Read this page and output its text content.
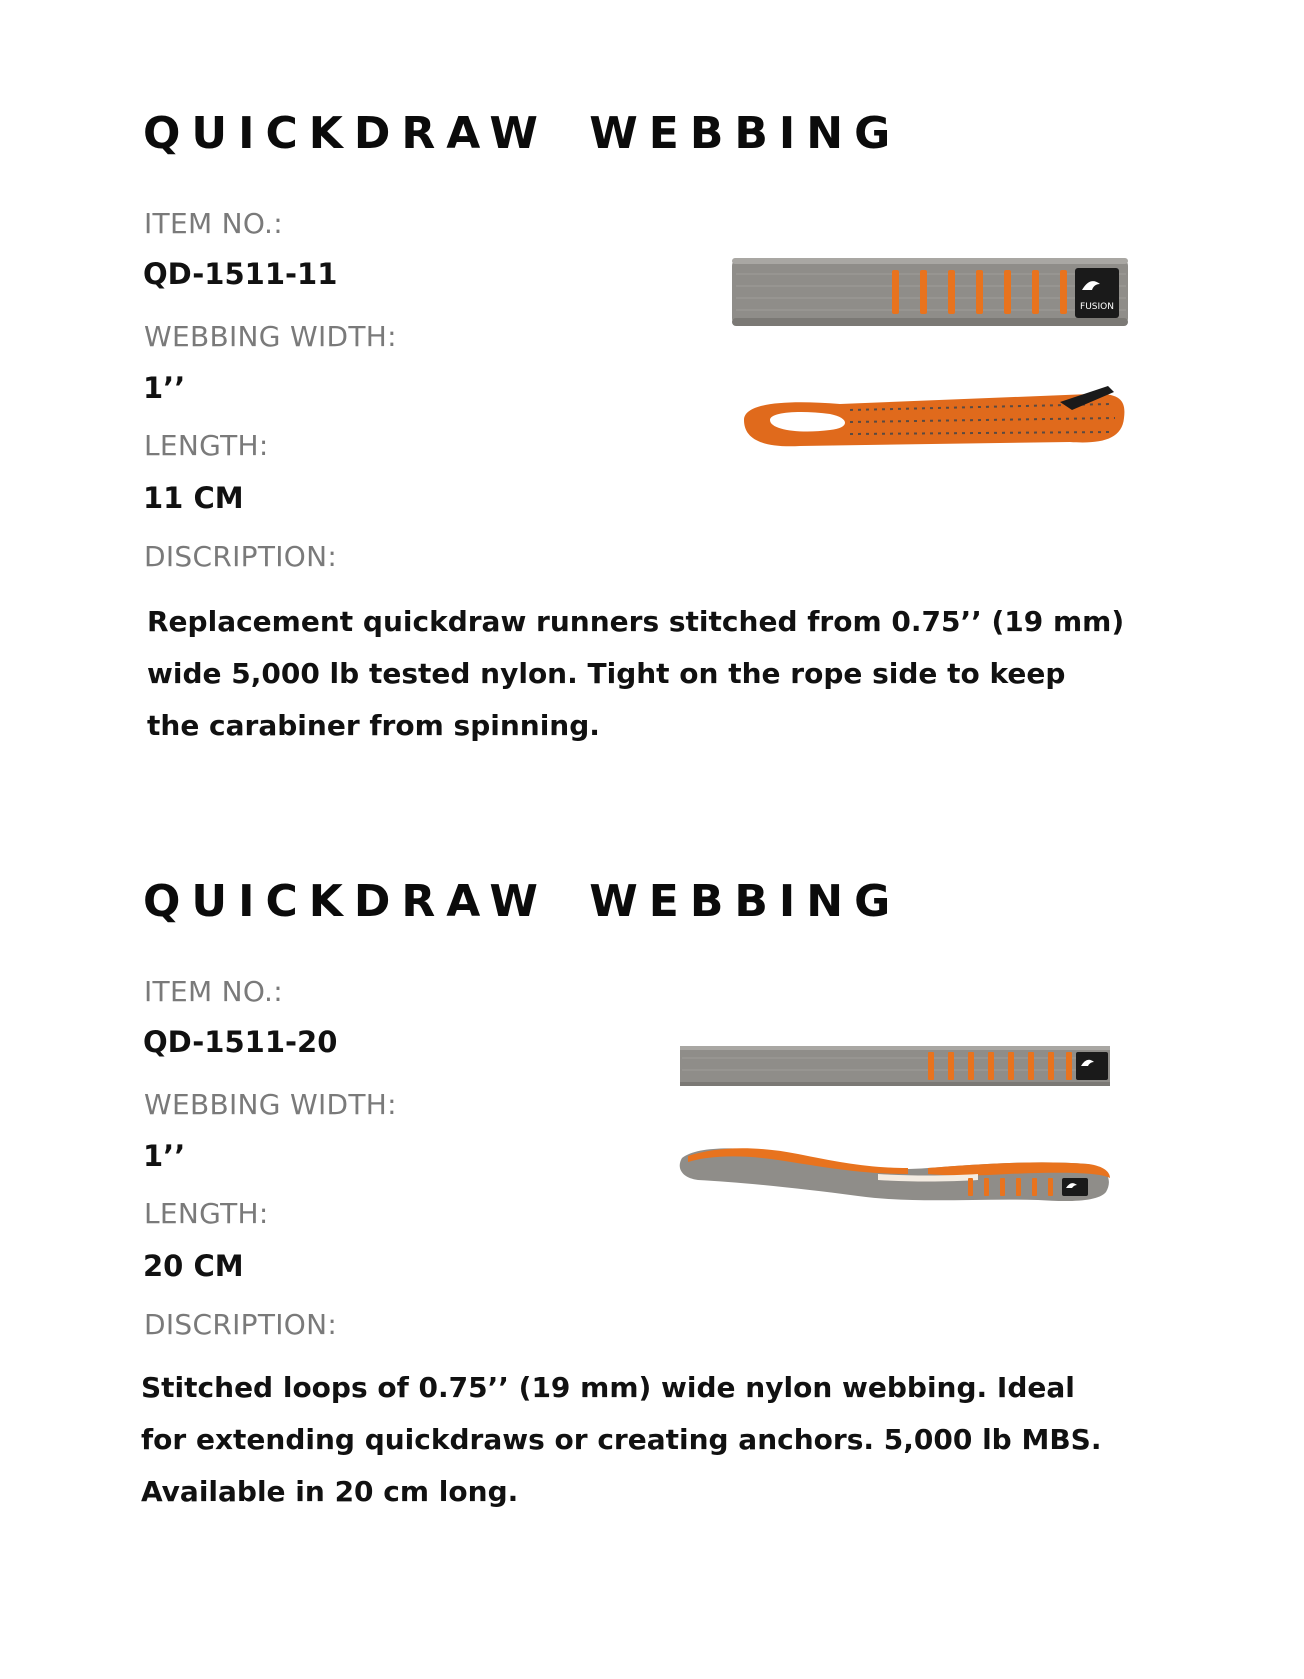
QUICKDRAW WEBBING
ITEM NO.:
QD-1511-11
WEBBING WIDTH:
1’’
LENGTH:
11 CM
DISCRIPTION:

Replacement quickdraw runners stitched from 0.75’’ (19 mm) wide 5,000 lb tested nylon. Tight on the rope side to keep the carabiner from spinning.

FUSION
QUICKDRAW WEBBING
ITEM NO.:
QD-1511-20
WEBBING WIDTH:
1’’
LENGTH:
20 CM
DISCRIPTION:

Stitched loops of 0.75’’ (19 mm) wide nylon webbing. Ideal for extending quickdraws or creating anchors. 5,000 lb MBS. Available in 20 cm long.
